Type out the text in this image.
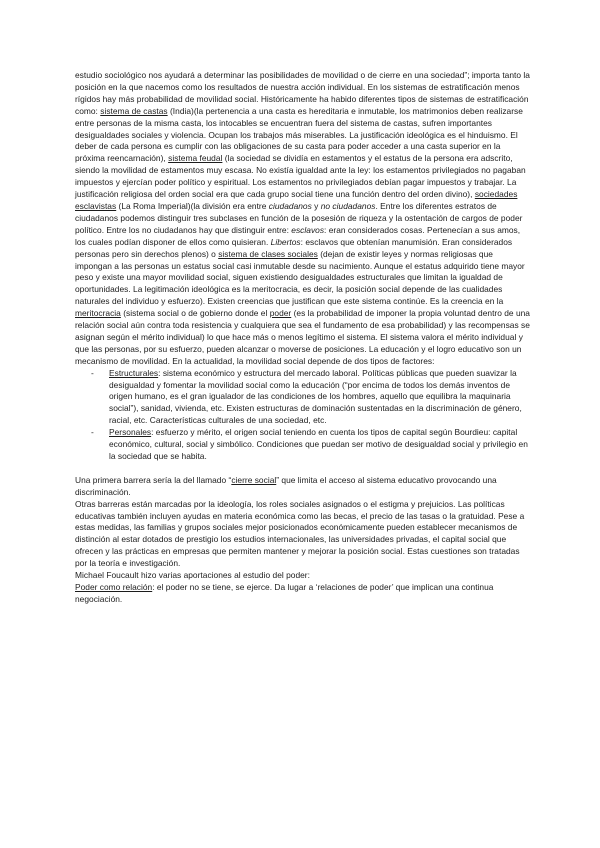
estudio sociológico nos ayudará a determinar las posibilidades de movilidad o de cierre en una sociedad”; importa tanto la posición en la que nacemos como los resultados de nuestra acción individual. En los sistemas de estratificación menos rígidos hay más probabilidad de movilidad social. Históricamente ha habido diferentes tipos de sistemas de estratificación como: sistema de castas (India)(la pertenencia a una casta es hereditaria e inmutable, los matrimonios deben realizarse entre personas de la misma casta, los intocables se encuentran fuera del sistema de castas, sufren importantes desigualdades sociales y violencia. Ocupan los trabajos más miserables. La justificación ideológica es el hinduismo. El deber de cada persona es cumplir con las obligaciones de su casta para poder acceder a una casta superior en la próxima reencarnación), sistema feudal (la sociedad se dividía en estamentos y el estatus de la persona era adscrito, siendo la movilidad de estamentos muy escasa. No existía igualdad ante la ley: los estamentos privilegiados no pagaban impuestos y ejercían poder político y espiritual. Los estamentos no privilegiados debían pagar impuestos y trabajar. La justificación religiosa del orden social era que cada grupo social tiene una función dentro del orden divino), sociedades esclavistas (La Roma Imperial)(la división era entre ciudadanos y no ciudadanos. Entre los diferentes estratos de ciudadanos podemos distinguir tres subclases en función de la posesión de riqueza y la ostentación de cargos de poder político. Entre los no ciudadanos hay que distinguir entre: esclavos: eran considerados cosas. Pertenecían a sus amos, los cuales podían disponer de ellos como quisieran. Libertos: esclavos que obtenían manumisión. Eran considerados personas pero sin derechos plenos) o sistema de clases sociales (dejan de existir leyes y normas religiosas que impongan a las personas un estatus social casi inmutable desde su nacimiento. Aunque el estatus adquirido tiene mayor peso y existe una mayor movilidad social, siguen existiendo desigualdades estructurales que limitan la igualdad de oportunidades. La legitimación ideológica es la meritocracia, es decir, la posición social depende de las cualidades naturales del individuo y esfuerzo). Existen creencias que justifican que este sistema continúe. Es la creencia en la meritocracia (sistema social o de gobierno donde el poder (es la probabilidad de imponer la propia voluntad dentro de una relación social aún contra toda resistencia y cualquiera que sea el fundamento de esa probabilidad) y las recompensas se asignan según el mérito individual) lo que hace más o menos legítimo el sistema. El sistema valora el mérito individual y que las personas, por su esfuerzo, pueden alcanzar o moverse de posiciones. La educación y el logro educativo son un mecanismo de movilidad. En la actualidad, la movilidad social depende de dos tipos de factores:

- Estructurales: sistema económico y estructura del mercado laboral. Políticas públicas que pueden suavizar la desigualdad y fomentar la movilidad social como la educación (“por encima de todos los demás inventos de origen humano, es el gran igualador de las condiciones de los hombres, aquello que equilibra la maquinaria social”), sanidad, vivienda, etc. Existen estructuras de dominación sustentadas en la discriminación de género, racial, etc. Características culturales de una sociedad, etc.
- Personales: esfuerzo y mérito, el origen social teniendo en cuenta los tipos de capital según Bourdieu: capital económico, cultural, social y simbólico. Condiciones que puedan ser motivo de desigualdad social y privilegio en la sociedad que se habita.

Una primera barrera sería la del llamado “cierre social” que limita el acceso al sistema educativo provocando una discriminación.

Otras barreras están marcadas por la ideología, los roles sociales asignados o el estigma y prejuicios. Las políticas educativas también incluyen ayudas en materia económica como las becas, el precio de las tasas o la gratuidad. Pese a estas medidas, las familias y grupos sociales mejor posicionados económicamente pueden establecer mecanismos de distinción al estar dotados de prestigio los estudios internacionales, las universidades privadas, el capital social que ofrecen y las prácticas en empresas que permiten mantener y mejorar la posición social. Estas cuestiones son tratadas por la teoría e investigación.

Michael Foucault hizo varias aportaciones al estudio del poder:

Poder como relación: el poder no se tiene, se ejerce. Da lugar a ‘relaciones de poder’ que implican una continua negociación.
